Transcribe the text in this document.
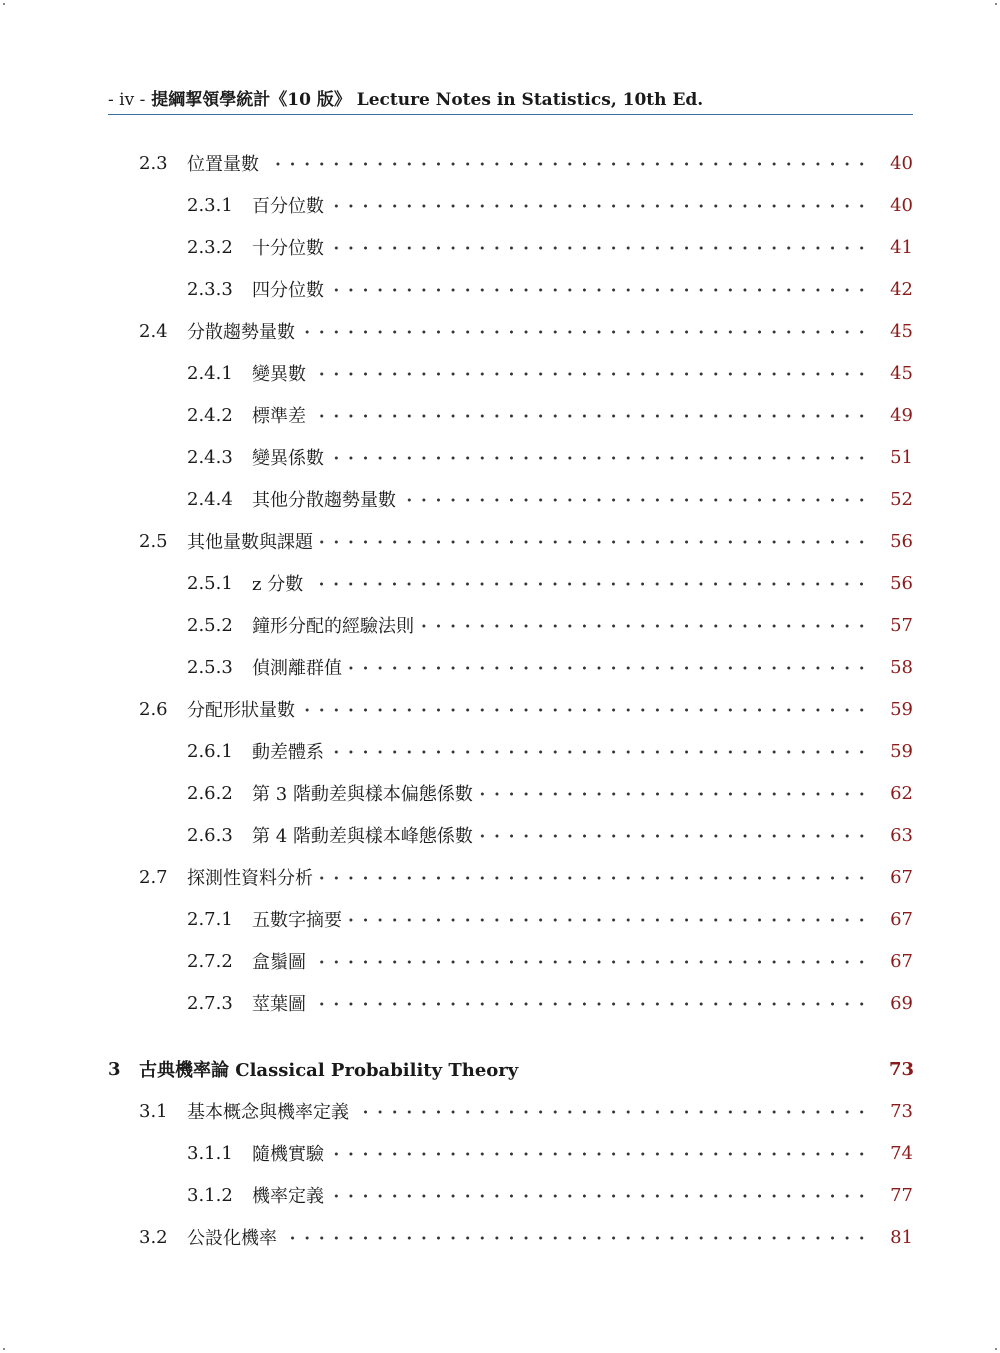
- iv - 提綱挈領學統計《10 版》 Lecture Notes in Statistics, 10th Ed.
2.3	位置量數	40
2.3.1	百分位數	40
2.3.2	十分位數	41
2.3.3	四分位數	42
2.4	分散趨勢量數	45
2.4.1	變異數	45
2.4.2	標準差	49
2.4.3	變異係數	51
2.4.4	其他分散趨勢量數	52
2.5	其他量數與課題	56
2.5.1	z 分數	56
2.5.2	鐘形分配的經驗法則	57
2.5.3	偵測離群值	58
2.6	分配形狀量數	59
2.6.1	動差體系	59
2.6.2	第 3 階動差與樣本偏態係數	62
2.6.3	第 4 階動差與樣本峰態係數	63
2.7	探測性資料分析	67
2.7.1	五數字摘要	67
2.7.2	盒鬚圖	67
2.7.3	莖葉圖	69
3	古典機率論 Classical Probability Theory	73
3.1	基本概念與機率定義	73
3.1.1	隨機實驗	74
3.1.2	機率定義	77
3.2	公設化機率	81
